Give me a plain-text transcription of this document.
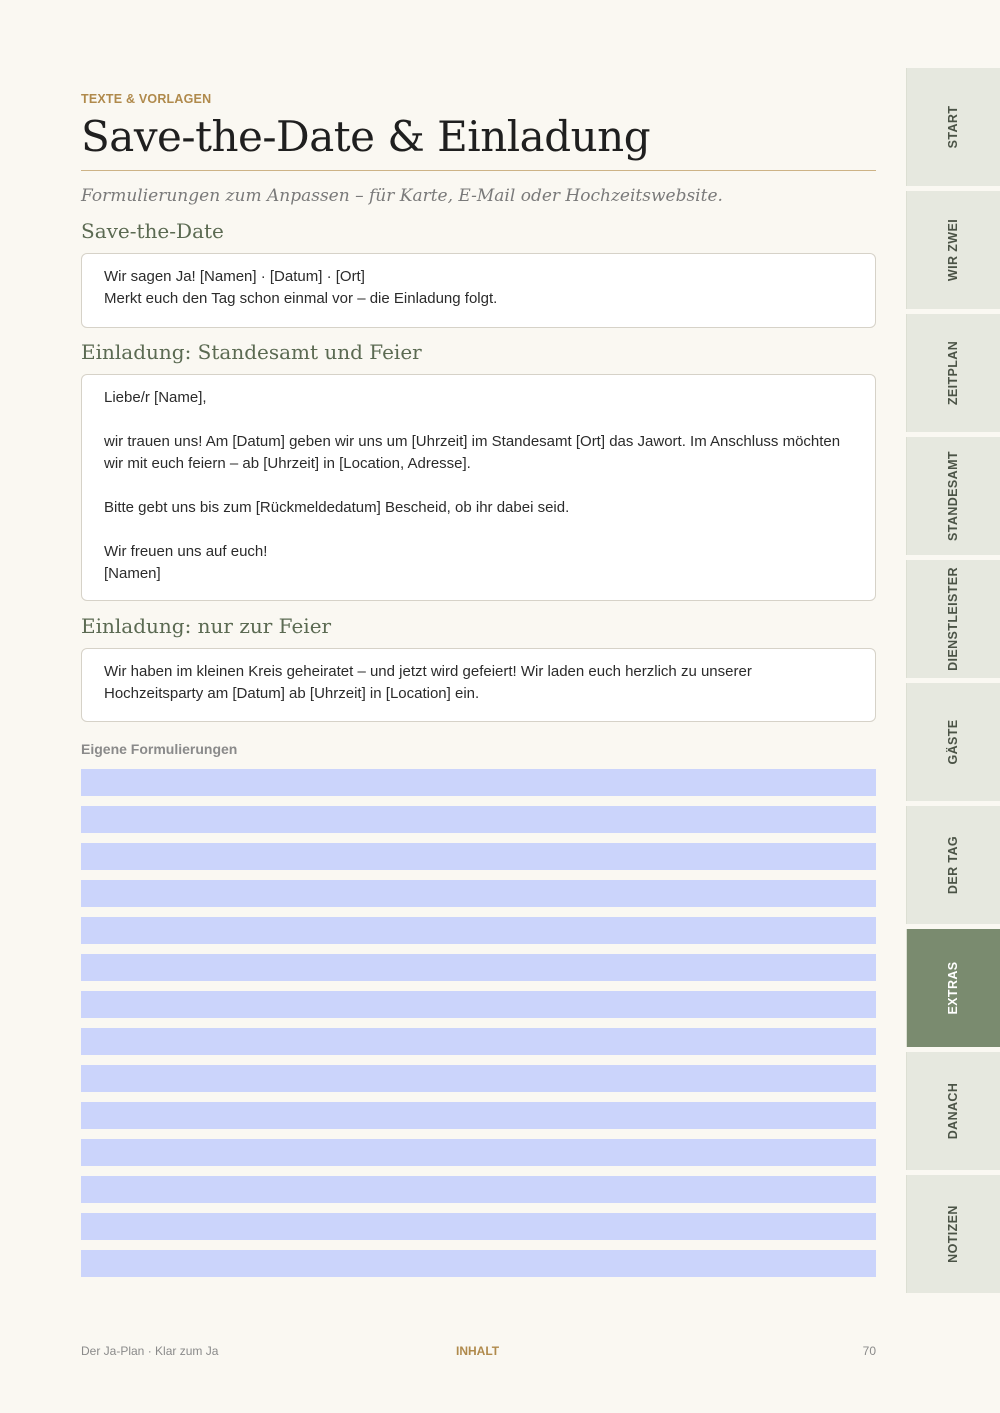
TEXTE & VORLAGEN
Save-the-Date & Einladung
Formulierungen zum Anpassen – für Karte, E-Mail oder Hochzeitswebsite.
Save-the-Date

Wir sagen Ja! [Namen] · [Datum] · [Ort]

Merkt euch den Tag schon einmal vor – die Einladung folgt.

Einladung: Standesamt und Feier

Liebe/r [Name],

wir trauen uns! Am [Datum] geben wir uns um [Uhrzeit] im Standesamt [Ort] das Jawort. Im Anschluss möchten wir mit euch feiern – ab [Uhrzeit] in [Location, Adresse].

Bitte gebt uns bis zum [Rückmeldedatum] Bescheid, ob ihr dabei seid.

Wir freuen uns auf euch!

[Namen]

Einladung: nur zur Feier

Wir haben im kleinen Kreis geheiratet – und jetzt wird gefeiert! Wir laden euch herzlich zu unserer Hochzeitsparty am [Datum] ab [Uhrzeit] in [Location] ein.

Eigene Formulierungen
START
WIR ZWEI
ZEITPLAN
STANDESAMT
DIENSTLEISTER
GÄSTE
DER TAG
EXTRAS
DANACH
NOTIZEN
Der Ja-Plan · Klar zum Ja	INHALT	70
